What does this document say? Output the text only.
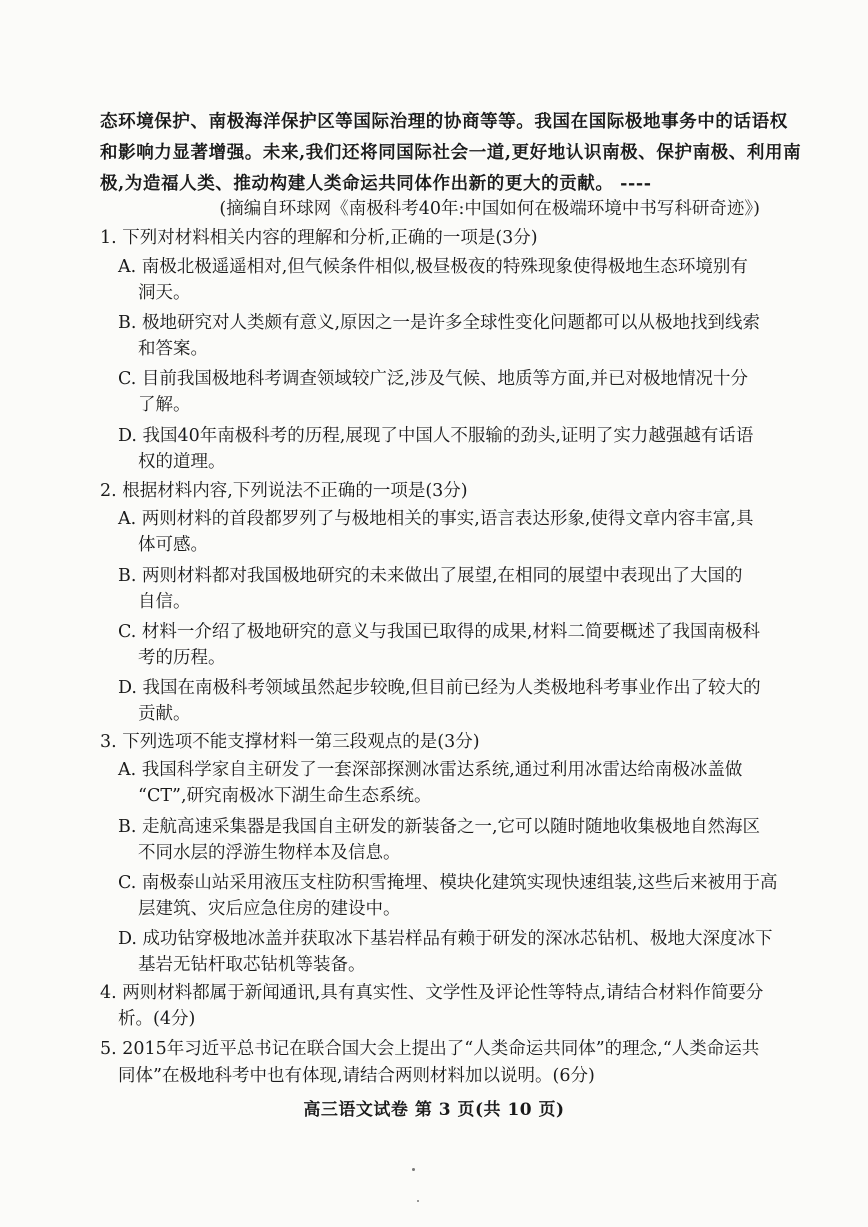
态环境保护、南极海洋保护区等国际治理的协商等等。我国在国际极地事务中的话语权
和影响力显著增强。未来,我们还将同国际社会一道,更好地认识南极、保护南极、利用南
极,为造福人类、推动构建人类命运共同体作出新的更大的贡献。 ----
(摘编自环球网《南极科考40年:中国如何在极端环境中书写科研奇迹》)
1. 下列对材料相关内容的理解和分析,正确的一项是(3分)
A. 南极北极遥遥相对,但气候条件相似,极昼极夜的特殊现象使得极地生态环境别有
洞天。
B. 极地研究对人类颇有意义,原因之一是许多全球性变化问题都可以从极地找到线索
和答案。
C. 目前我国极地科考调查领域较广泛,涉及气候、地质等方面,并已对极地情况十分
了解。
D. 我国40年南极科考的历程,展现了中国人不服输的劲头,证明了实力越强越有话语
权的道理。
2. 根据材料内容,下列说法不正确的一项是(3分)
A. 两则材料的首段都罗列了与极地相关的事实,语言表达形象,使得文章内容丰富,具
体可感。
B. 两则材料都对我国极地研究的未来做出了展望,在相同的展望中表现出了大国的
自信。
C. 材料一介绍了极地研究的意义与我国已取得的成果,材料二简要概述了我国南极科
考的历程。
D. 我国在南极科考领域虽然起步较晚,但目前已经为人类极地科考事业作出了较大的
贡献。
3. 下列选项不能支撑材料一第三段观点的是(3分)
A. 我国科学家自主研发了一套深部探测冰雷达系统,通过利用冰雷达给南极冰盖做
“CT”,研究南极冰下湖生命生态系统。
B. 走航高速采集器是我国自主研发的新装备之一,它可以随时随地收集极地自然海区
不同水层的浮游生物样本及信息。
C. 南极泰山站采用液压支柱防积雪掩埋、模块化建筑实现快速组装,这些后来被用于高
层建筑、灾后应急住房的建设中。
D. 成功钻穿极地冰盖并获取冰下基岩样品有赖于研发的深冰芯钻机、极地大深度冰下
基岩无钻杆取芯钻机等装备。
4. 两则材料都属于新闻通讯,具有真实性、文学性及评论性等特点,请结合材料作简要分
析。(4分)
5. 2015年习近平总书记在联合国大会上提出了“人类命运共同体”的理念,“人类命运共
同体”在极地科考中也有体现,请结合两则材料加以说明。(6分)
高三语文试卷 第 3 页(共 10 页)
